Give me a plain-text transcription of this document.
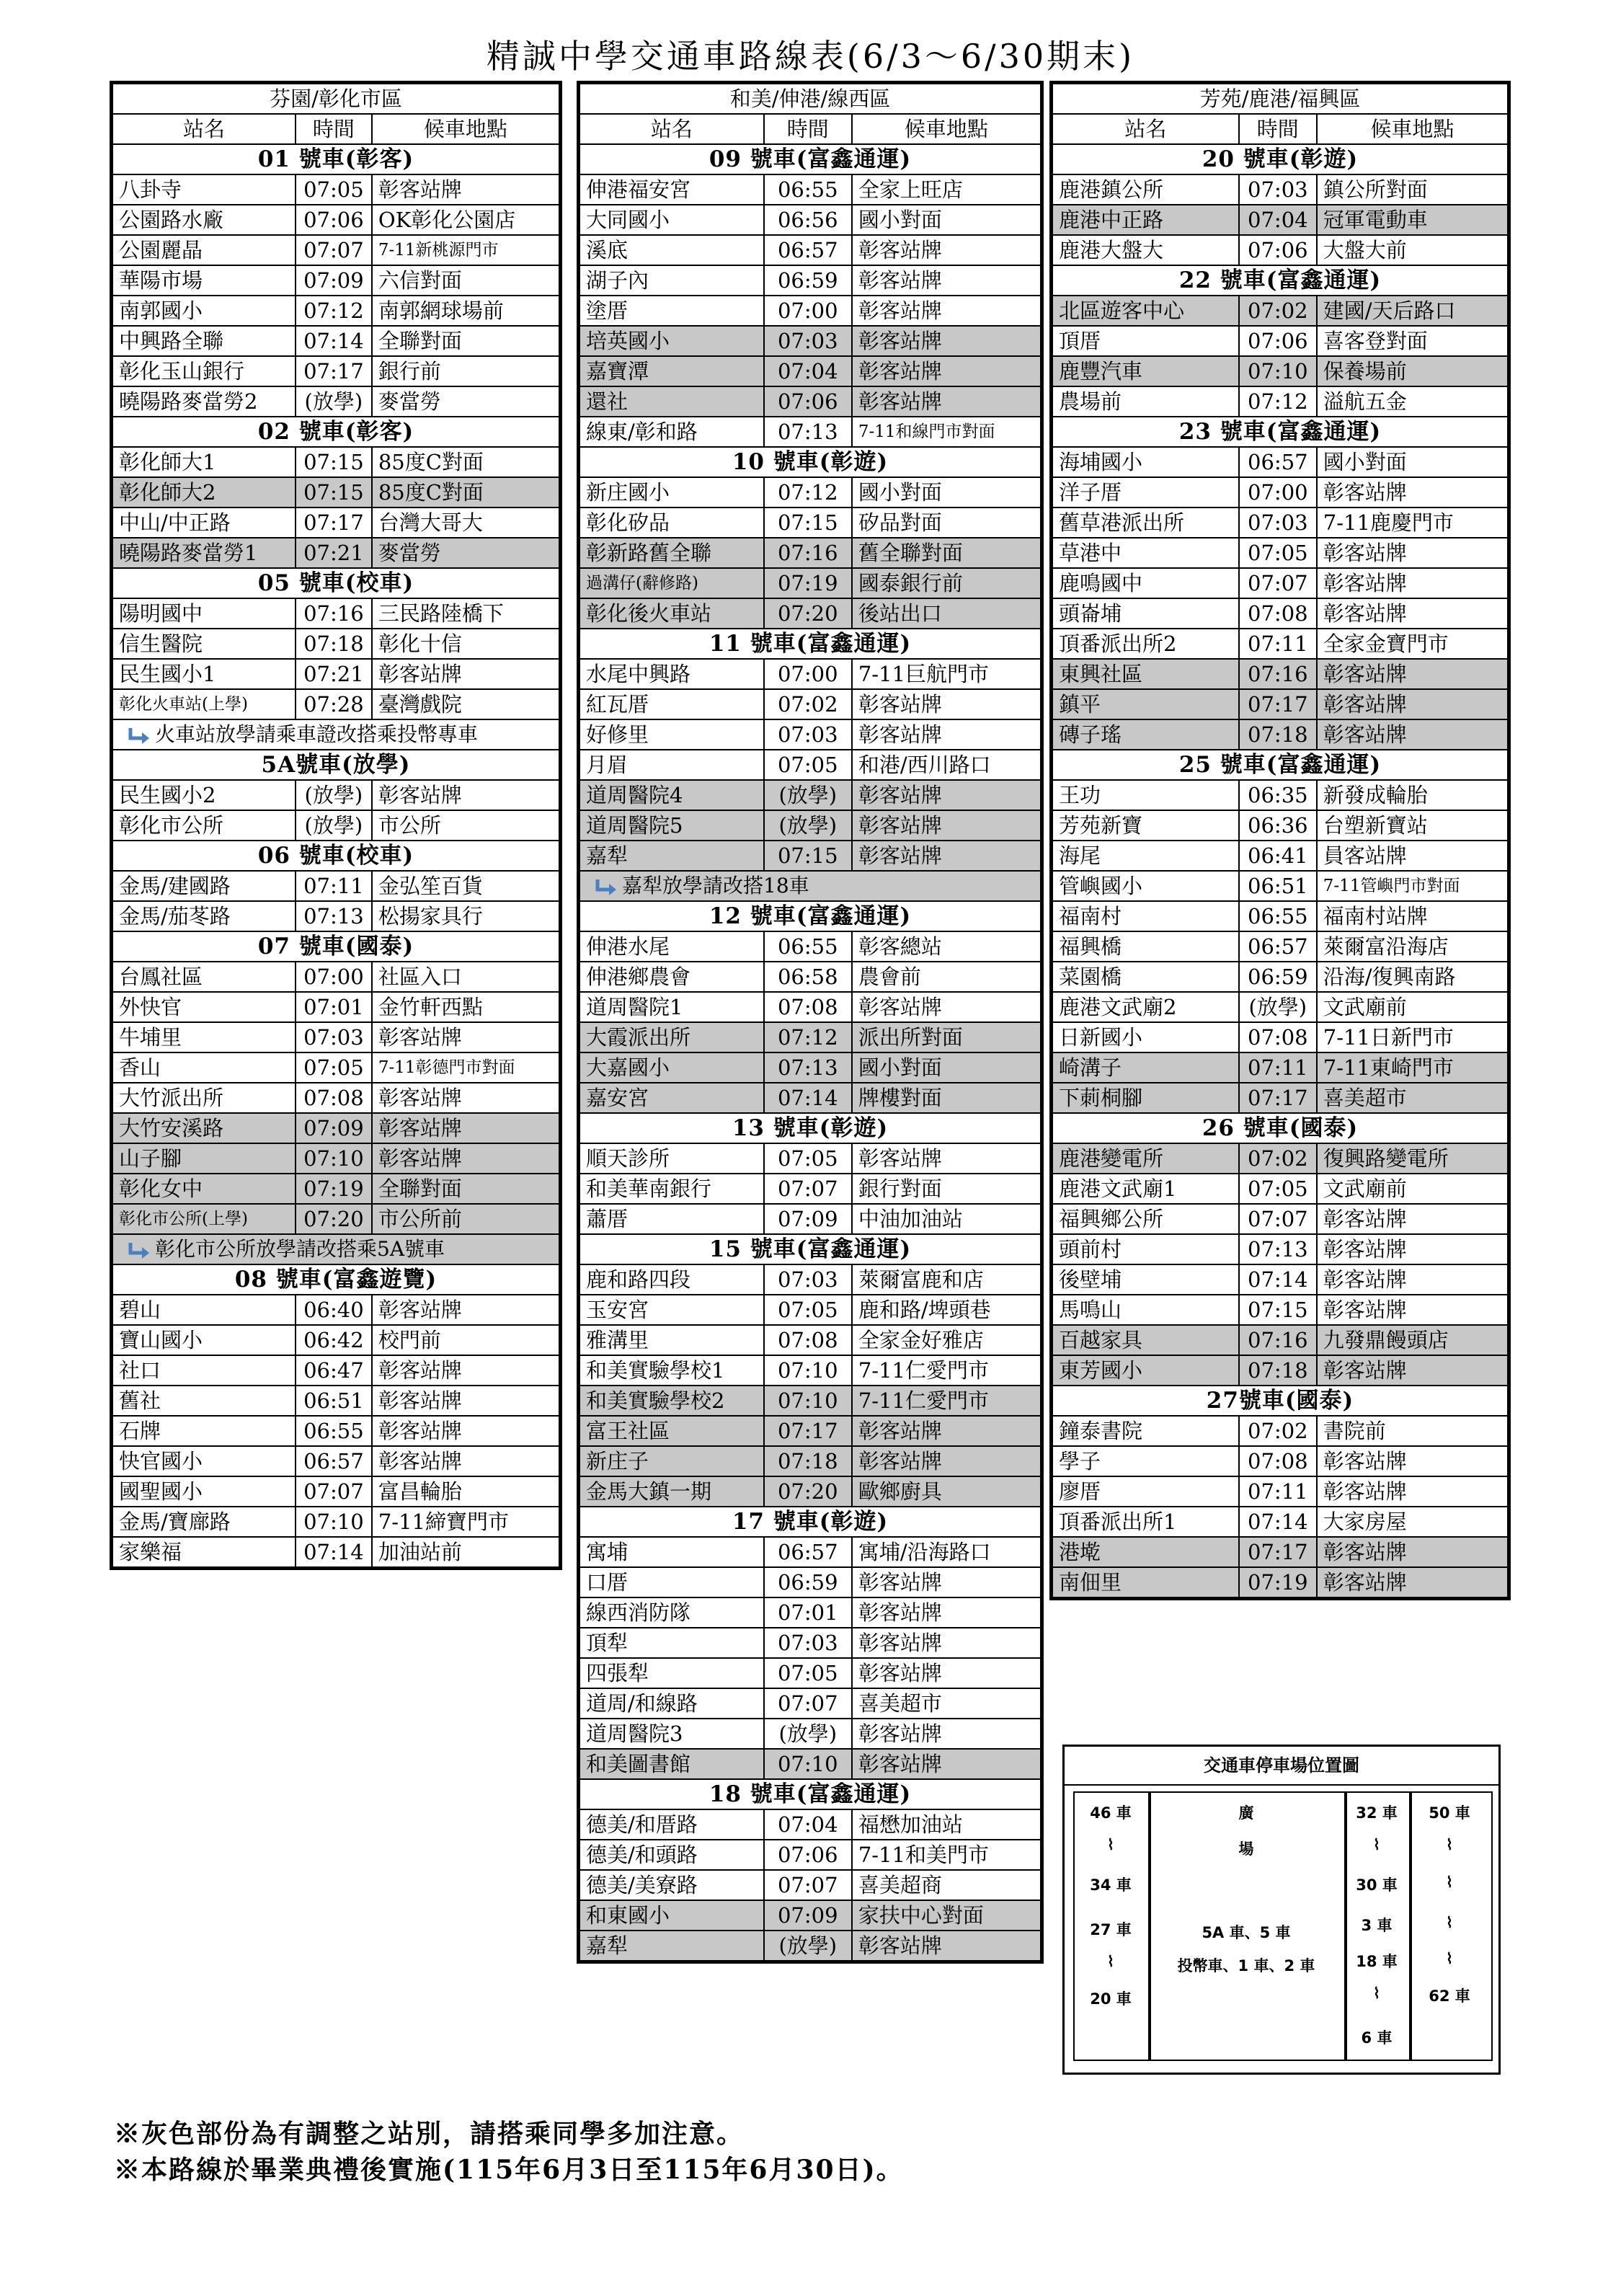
精誠中學交通車路線表(6/3～6/30期末)
芬園/彰化市區		
站名	時間	候車地點
01 號車(彰客)		
八卦寺	07:05	彰客站牌
公園路水廠	07:06	OK彰化公園店
公園麗晶	07:07	7-11新桃源門市
華陽市場	07:09	六信對面
南郭國小	07:12	南郭網球場前
中興路全聯	07:14	全聯對面
彰化玉山銀行	07:17	銀行前
曉陽路麥當勞2	(放學)	麥當勞
02 號車(彰客)		
彰化師大1	07:15	85度C對面
彰化師大2	07:15	85度C對面
中山/中正路	07:17	台灣大哥大
曉陽路麥當勞1	07:21	麥當勞
05 號車(校車)		
陽明國中	07:16	三民路陸橋下
信生醫院	07:18	彰化十信
民生國小1	07:21	彰客站牌
彰化火車站(上學)	07:28	臺灣戲院
火車站放學請乘車證改搭乘投幣專車		
5A號車(放學)		
民生國小2	(放學)	彰客站牌
彰化市公所	(放學)	市公所
06 號車(校車)		
金馬/建國路	07:11	金弘笙百貨
金馬/茄苳路	07:13	松揚家具行
07 號車(國泰)		
台鳳社區	07:00	社區入口
外快官	07:01	金竹軒西點
牛埔里	07:03	彰客站牌
香山	07:05	7-11彰德門市對面
大竹派出所	07:08	彰客站牌
大竹安溪路	07:09	彰客站牌
山子腳	07:10	彰客站牌
彰化女中	07:19	全聯對面
彰化市公所(上學)	07:20	市公所前
彰化市公所放學請改搭乘5A號車		
08 號車(富鑫遊覽)		
碧山	06:40	彰客站牌
寶山國小	06:42	校門前
社口	06:47	彰客站牌
舊社	06:51	彰客站牌
石牌	06:55	彰客站牌
快官國小	06:57	彰客站牌
國聖國小	07:07	富昌輪胎
金馬/寶廍路	07:10	7-11締寶門市
家樂福	07:14	加油站前
和美/伸港/線西區		
站名	時間	候車地點
09 號車(富鑫通運)		
伸港福安宮	06:55	全家上旺店
大同國小	06:56	國小對面
溪底	06:57	彰客站牌
湖子內	06:59	彰客站牌
塗厝	07:00	彰客站牌
培英國小	07:03	彰客站牌
嘉寶潭	07:04	彰客站牌
還社	07:06	彰客站牌
線東/彰和路	07:13	7-11和線門市對面
10 號車(彰遊)		
新庄國小	07:12	國小對面
彰化矽品	07:15	矽品對面
彰新路舊全聯	07:16	舊全聯對面
過溝仔(辭修路)	07:19	國泰銀行前
彰化後火車站	07:20	後站出口
11 號車(富鑫通運)		
水尾中興路	07:00	7-11巨航門市
紅瓦厝	07:02	彰客站牌
好修里	07:03	彰客站牌
月眉	07:05	和港/西川路口
道周醫院4	(放學)	彰客站牌
道周醫院5	(放學)	彰客站牌
嘉犁	07:15	彰客站牌
嘉犁放學請改搭18車		
12 號車(富鑫通運)		
伸港水尾	06:55	彰客總站
伸港鄉農會	06:58	農會前
道周醫院1	07:08	彰客站牌
大霞派出所	07:12	派出所對面
大嘉國小	07:13	國小對面
嘉安宮	07:14	牌樓對面
13 號車(彰遊)		
順天診所	07:05	彰客站牌
和美華南銀行	07:07	銀行對面
蕭厝	07:09	中油加油站
15 號車(富鑫通運)		
鹿和路四段	07:03	萊爾富鹿和店
玉安宮	07:05	鹿和路/埤頭巷
雅溝里	07:08	全家金好雅店
和美實驗學校1	07:10	7-11仁愛門市
和美實驗學校2	07:10	7-11仁愛門市
富王社區	07:17	彰客站牌
新庄子	07:18	彰客站牌
金馬大鎮一期	07:20	歐鄉廚具
17 號車(彰遊)		
寓埔	06:57	寓埔/沿海路口
口厝	06:59	彰客站牌
線西消防隊	07:01	彰客站牌
頂犁	07:03	彰客站牌
四張犁	07:05	彰客站牌
道周/和線路	07:07	喜美超市
道周醫院3	(放學)	彰客站牌
和美圖書館	07:10	彰客站牌
18 號車(富鑫通運)		
德美/和厝路	07:04	福懋加油站
德美/和頭路	07:06	7-11和美門市
德美/美寮路	07:07	喜美超商
和東國小	07:09	家扶中心對面
嘉犁	(放學)	彰客站牌
芳苑/鹿港/福興區		
站名	時間	候車地點
20 號車(彰遊)		
鹿港鎮公所	07:03	鎮公所對面
鹿港中正路	07:04	冠軍電動車
鹿港大盤大	07:06	大盤大前
22 號車(富鑫通運)		
北區遊客中心	07:02	建國/天后路口
頂厝	07:06	喜客登對面
鹿豐汽車	07:10	保養場前
農場前	07:12	溢航五金
23 號車(富鑫通運)		
海埔國小	06:57	國小對面
洋子厝	07:00	彰客站牌
舊草港派出所	07:03	7-11鹿慶門市
草港中	07:05	彰客站牌
鹿鳴國中	07:07	彰客站牌
頭崙埔	07:08	彰客站牌
頂番派出所2	07:11	全家金寶門市
東興社區	07:16	彰客站牌
鎮平	07:17	彰客站牌
磚子瑤	07:18	彰客站牌
25 號車(富鑫通運)		
王功	06:35	新發成輪胎
芳苑新寶	06:36	台塑新寶站
海尾	06:41	員客站牌
管嶼國小	06:51	7-11管嶼門市對面
福南村	06:55	福南村站牌
福興橋	06:57	萊爾富沿海店
菜園橋	06:59	沿海/復興南路
鹿港文武廟2	(放學)	文武廟前
日新國小	07:08	7-11日新門市
崎溝子	07:11	7-11東崎門市
下莿桐腳	07:17	喜美超市
26 號車(國泰)		
鹿港變電所	07:02	復興路變電所
鹿港文武廟1	07:05	文武廟前
福興鄉公所	07:07	彰客站牌
頭前村	07:13	彰客站牌
後壁埔	07:14	彰客站牌
馬鳴山	07:15	彰客站牌
百越家具	07:16	九發鼎饅頭店
東芳國小	07:18	彰客站牌
27號車(國泰)		
鐘泰書院	07:02	書院前
學子	07:08	彰客站牌
廖厝	07:11	彰客站牌
頂番派出所1	07:14	大家房屋
港墘	07:17	彰客站牌
南佃里	07:19	彰客站牌
交通車停車場位置圖
46 車
⌇
34 車
27 車
⌇
20 車
32 車
⌇
30 車
3 車
18 車
⌇
6 車
50 車
⌇
⌇
⌇
⌇
62 車
廣
場
5A 車、5 車
投幣車、1 車、2 車
※灰色部份為有調整之站別，請搭乘同學多加注意。
※本路線於畢業典禮後實施(115年6月3日至115年6月30日)。
